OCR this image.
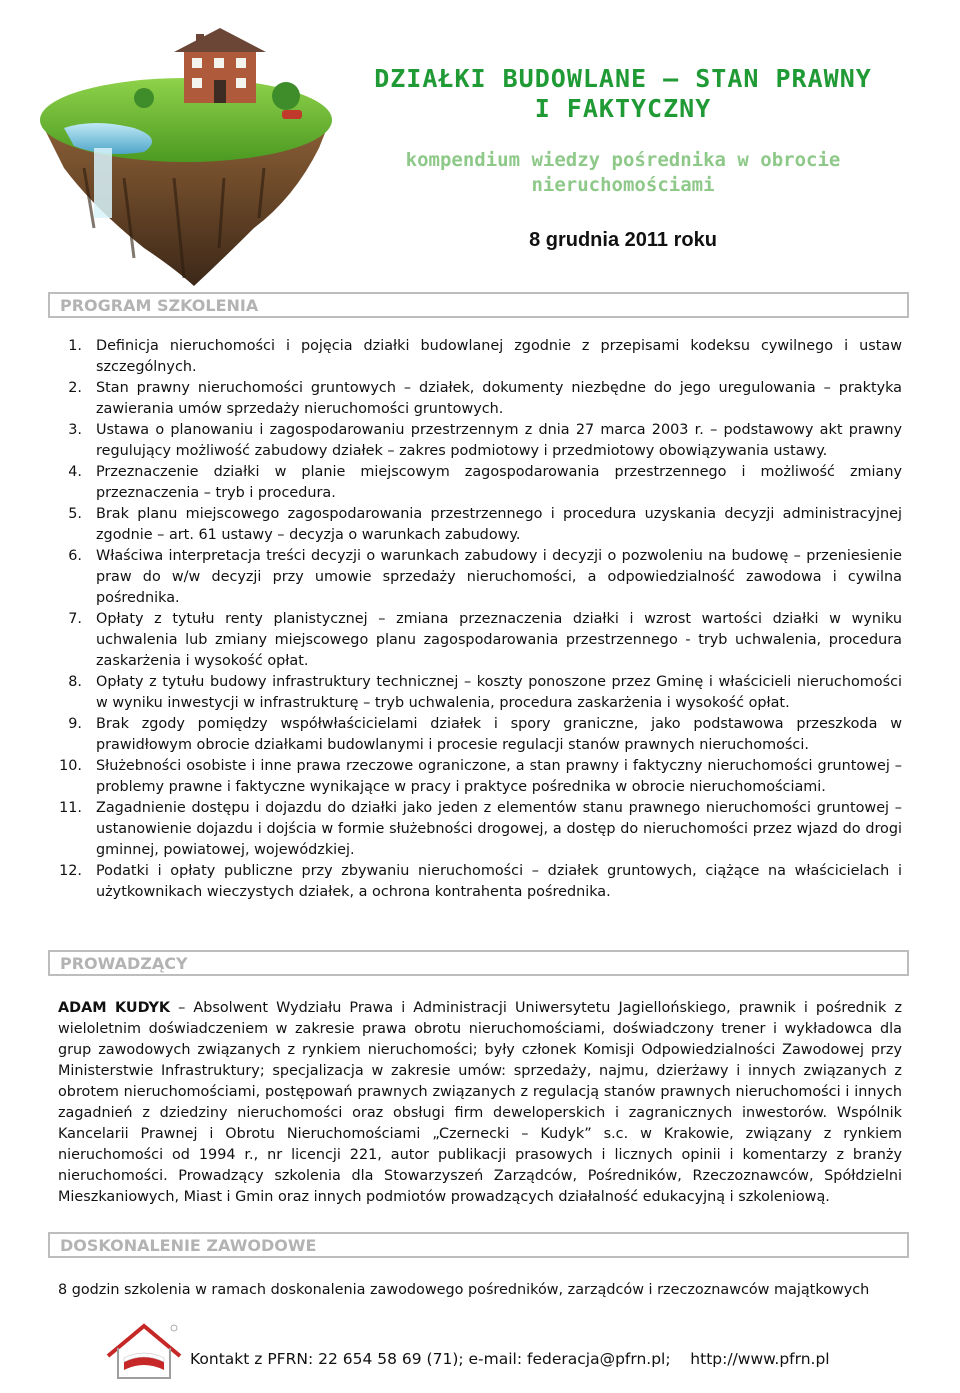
DZIAŁKI BUDOWLANE – STAN PRAWNY
I FAKTYCZNY
kompendium wiedzy pośrednika w obrocie
nieruchomościami
8 grudnia 2011 roku
PROGRAM SZKOLENIA
1. Definicja nieruchomości i pojęcia działki budowlanej zgodnie z przepisami kodeksu cywilnego i ustaw szczególnych.
2. Stan prawny nieruchomości gruntowych – działek, dokumenty niezbędne do jego uregulowania – praktyka zawierania umów sprzedaży nieruchomości gruntowych.
3. Ustawa o planowaniu i zagospodarowaniu przestrzennym z dnia 27 marca 2003 r. – podstawowy akt prawny regulujący możliwość zabudowy działek – zakres podmiotowy i przedmiotowy obowiązywania ustawy.
4. Przeznaczenie działki w planie miejscowym zagospodarowania przestrzennego i możliwość zmiany przeznaczenia – tryb i procedura.
5. Brak planu miejscowego zagospodarowania przestrzennego i procedura uzyskania decyzji administracyjnej zgodnie – art. 61 ustawy – decyzja o warunkach zabudowy.
6. Właściwa interpretacja treści decyzji o warunkach zabudowy i decyzji o pozwoleniu na budowę – przeniesienie praw do w/w decyzji przy umowie sprzedaży nieruchomości, a odpowiedzialność zawodowa i cywilna pośrednika.
7. Opłaty z tytułu renty planistycznej – zmiana przeznaczenia działki i wzrost wartości działki w wyniku uchwalenia lub zmiany miejscowego planu zagospodarowania przestrzennego - tryb uchwalenia, procedura zaskarżenia i wysokość opłat.
8. Opłaty z tytułu budowy infrastruktury technicznej – koszty ponoszone przez Gminę i właścicieli nieruchomości w wyniku inwestycji w infrastrukturę – tryb uchwalenia, procedura zaskarżenia i wysokość opłat.
9. Brak zgody pomiędzy współwłaścicielami działek i spory graniczne, jako podstawowa przeszkoda w prawidłowym obrocie działkami budowlanymi i procesie regulacji stanów prawnych nieruchomości.
10. Służebności osobiste i inne prawa rzeczowe ograniczone, a stan prawny i faktyczny nieruchomości gruntowej – problemy prawne i faktyczne wynikające w pracy i praktyce pośrednika w obrocie nieruchomościami.
11. Zagadnienie dostępu i dojazdu do działki jako jeden z elementów stanu prawnego nieruchomości gruntowej – ustanowienie dojazdu i dojścia w formie służebności drogowej, a dostęp do nieruchomości przez wjazd do drogi gminnej, powiatowej, wojewódzkiej.
12. Podatki i opłaty publiczne przy zbywaniu nieruchomości – działek gruntowych, ciążące na właścicielach i użytkownikach wieczystych działek, a ochrona kontrahenta pośrednika.
PROWADZĄCY

ADAM KUDYK – Absolwent Wydziału Prawa i Administracji Uniwersytetu Jagiellońskiego, prawnik i pośrednik z wieloletnim doświadczeniem w zakresie prawa obrotu nieruchomościami, doświadczony trener i wykładowca dla grup zawodowych związanych z rynkiem nieruchomości; były członek Komisji Odpowiedzialności Zawodowej przy Ministerstwie Infrastruktury; specjalizacja w zakresie umów: sprzedaży, najmu, dzierżawy i innych związanych z obrotem nieruchomościami, postępowań prawnych związanych z regulacją stanów prawnych nieruchomości i innych zagadnień z dziedziny nieruchomości oraz obsługi firm deweloperskich i zagranicznych inwestorów. Wspólnik Kancelarii Prawnej i Obrotu Nieruchomościami „Czernecki – Kudyk” s.c. w Krakowie, związany z rynkiem nieruchomości od 1994 r., nr licencji 221, autor publikacji prasowych i licznych opinii i komentarzy z branży nieruchomości. Prowadzący szkolenia dla Stowarzyszeń Zarządców, Pośredników, Rzeczoznawców, Spółdzielni Mieszkaniowych, Miast i Gmin oraz innych podmiotów prowadzących działalność edukacyjną i szkoleniową.

DOSKONALENIE ZAWODOWE
8 godzin szkolenia w ramach doskonalenia zawodowego pośredników, zarządców i rzeczoznawców majątkowych
Kontakt z PFRN: 22 654 58 69 (71); e-mail: federacja@pfrn.pl;    http://www.pfrn.pl
